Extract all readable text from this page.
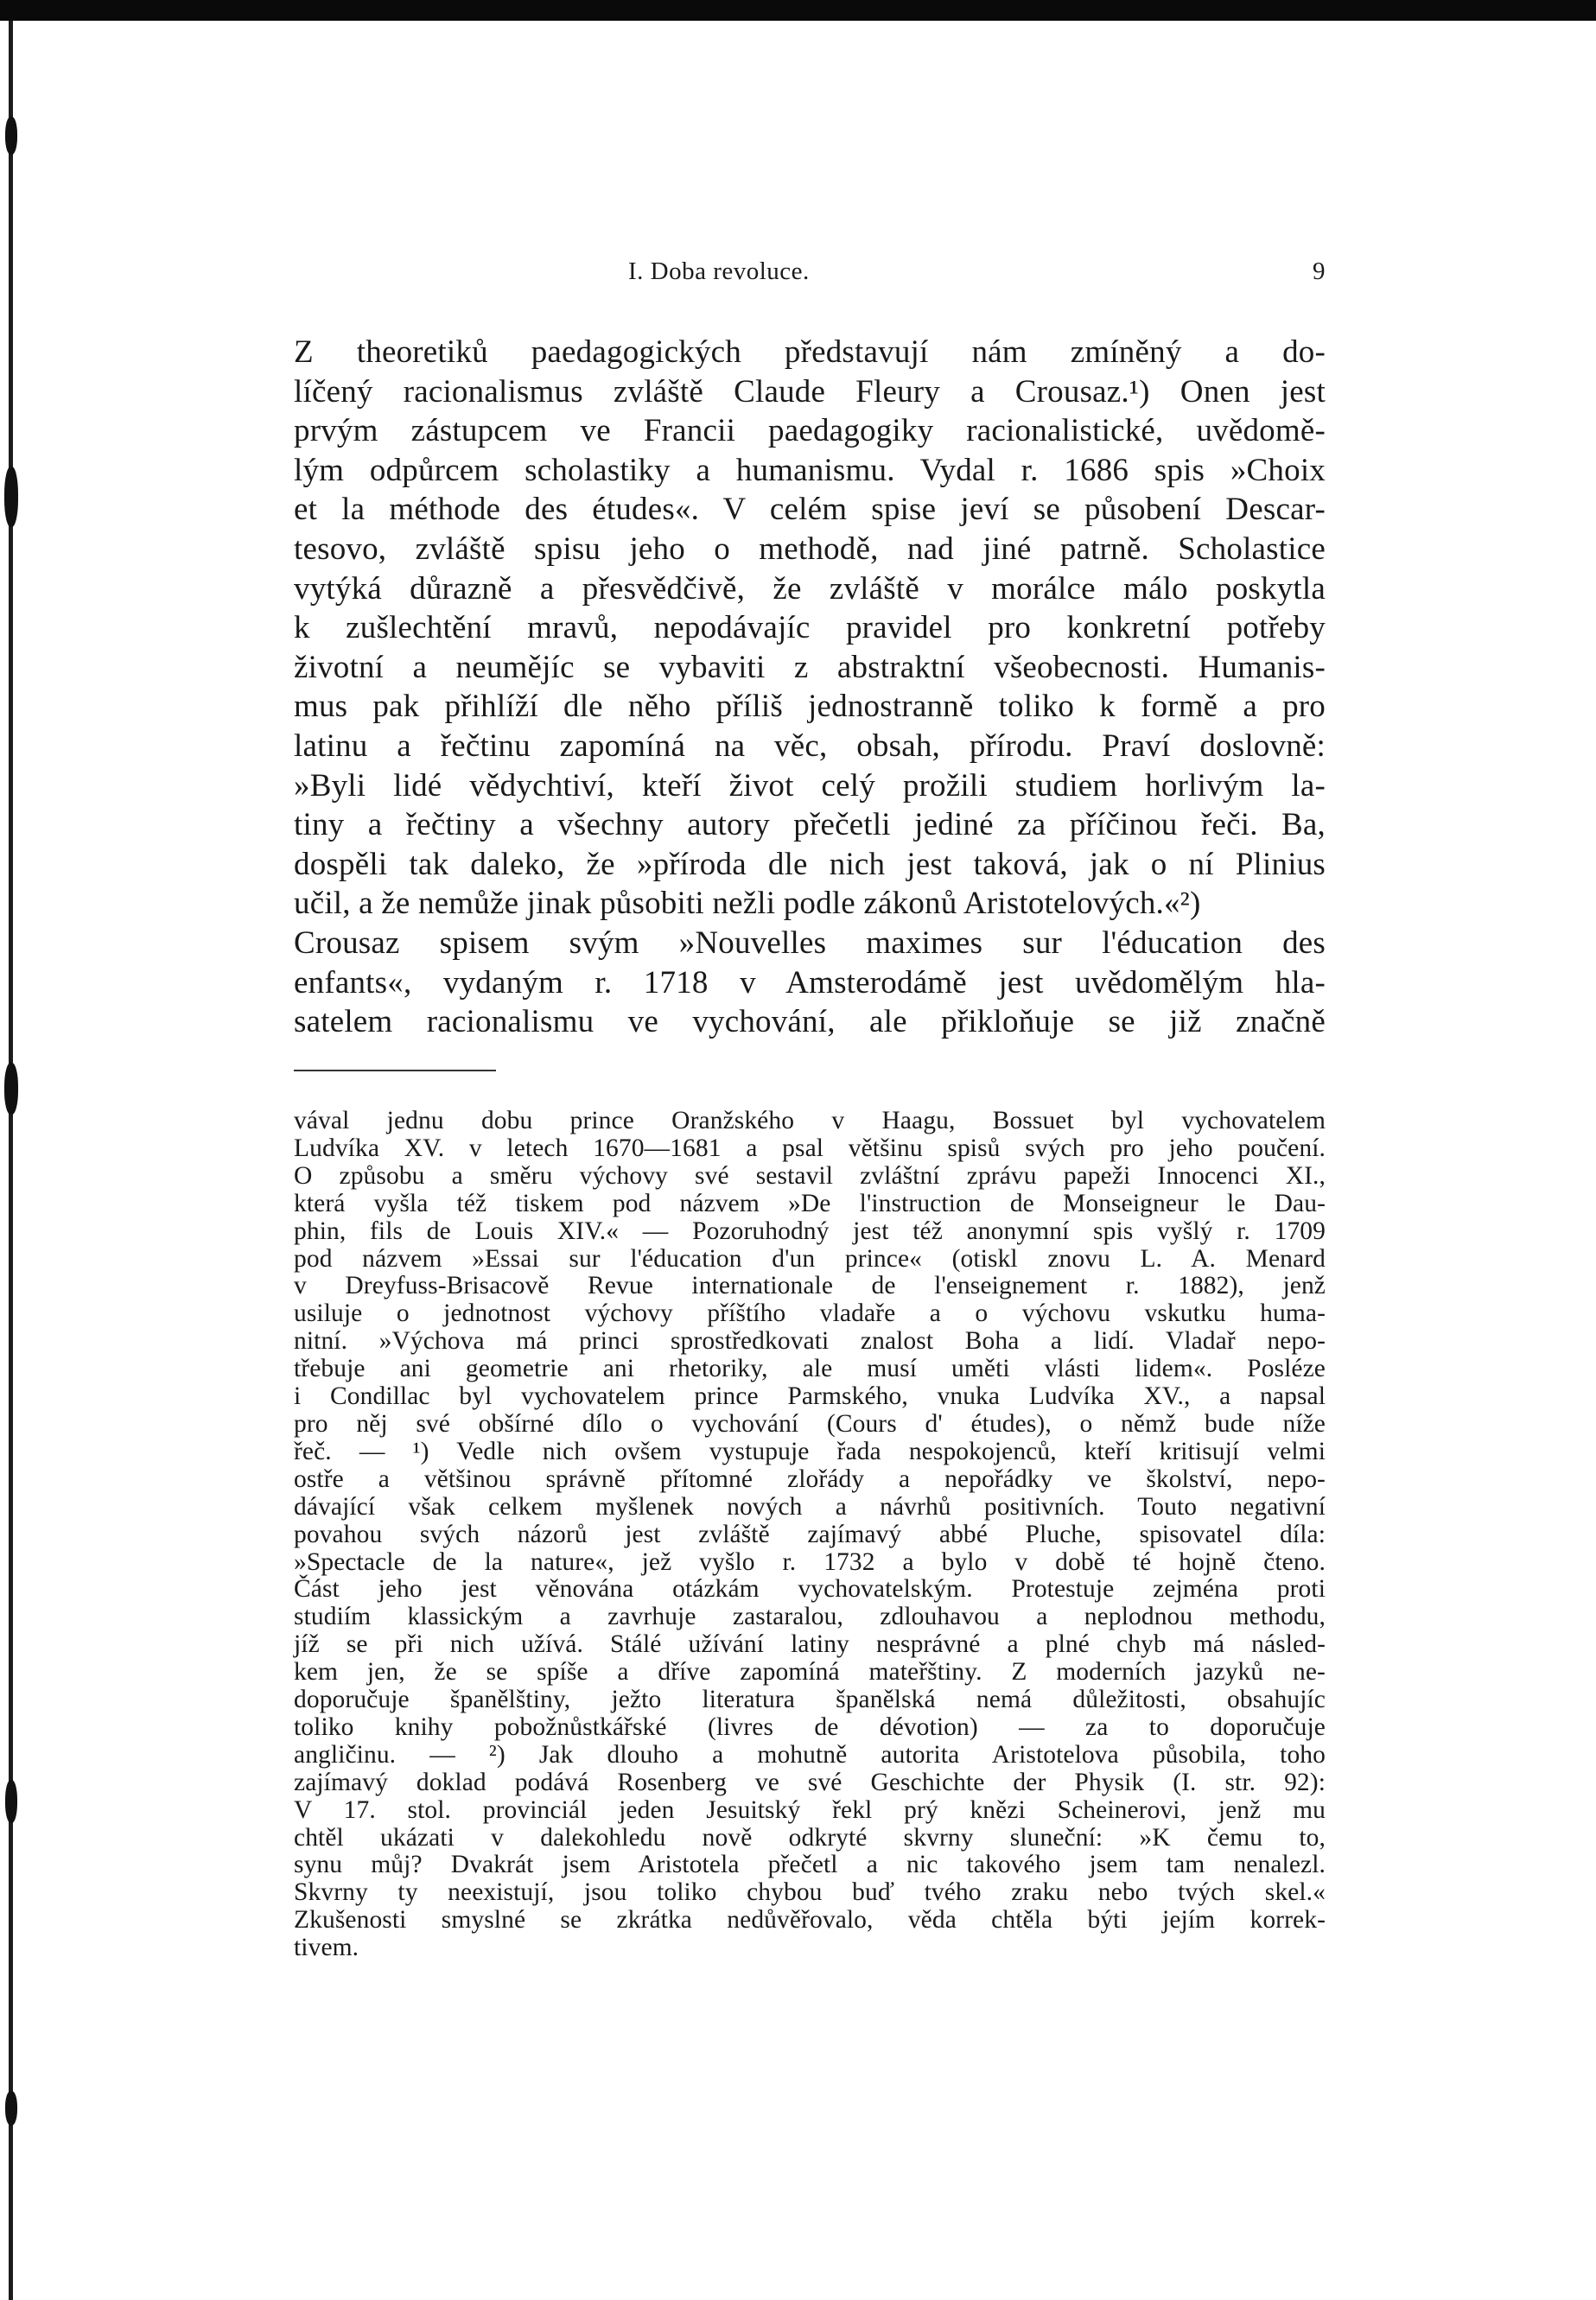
I. Doba revoluce.	9
Z theoretiků paedagogických představují nám zmíněný a do-
líčený racionalismus zvláště Claude Fleury a Crousaz.¹) Onen jest
prvým zástupcem ve Francii paedagogiky racionalistické, uvědomě-
lým odpůrcem scholastiky a humanismu. Vydal r. 1686 spis »Choix
et la méthode des études«. V celém spise jeví se působení Descar-
tesovo, zvláště spisu jeho o methodě, nad jiné patrně. Scholastice
vytýká důrazně a přesvědčivě, že zvláště v morálce málo poskytla
k zušlechtění mravů, nepodávajíc pravidel pro konkretní potřeby
životní a neumějíc se vybaviti z abstraktní všeobecnosti. Humanis-
mus pak přihlíží dle něho příliš jednostranně toliko k formě a pro
latinu a řečtinu zapomíná na věc, obsah, přírodu. Praví doslovně:
»Byli lidé vědychtiví, kteří život celý prožili studiem horlivým la-
tiny a řečtiny a všechny autory přečetli jediné za příčinou řeči. Ba,
dospěli tak daleko, že »příroda dle nich jest taková, jak o ní Plinius
učil, a že nemůže jinak působiti nežli podle zákonů Aristotelových.«²)
Crousaz spisem svým »Nouvelles maximes sur l'éducation des
enfants«, vydaným r. 1718 v Amsterodámě jest uvědomělým hla-
satelem racionalismu ve vychování, ale přikloňuje se již značně
vával jednu dobu prince Oranžského v Haagu, Bossuet byl vychovatelem
Ludvíka XV. v letech 1670—1681 a psal většinu spisů svých pro jeho poučení.
O způsobu a směru výchovy své sestavil zvláštní zprávu papeži Innocenci XI.,
která vyšla též tiskem pod názvem »De l'instruction de Monseigneur le Dau-
phin, fils de Louis XIV.« — Pozoruhodný jest též anonymní spis vyšlý r. 1709
pod názvem »Essai sur l'éducation d'un prince« (otiskl znovu L. A. Menard
v Dreyfuss-Brisacově Revue internationale de l'enseignement r. 1882), jenž
usiluje o jednotnost výchovy příštího vladaře a o výchovu vskutku huma-
nitní. »Výchova má princi sprostředkovati znalost Boha a lidí. Vladař nepo-
třebuje ani geometrie ani rhetoriky, ale musí uměti vlásti lidem«. Posléze
i Condillac byl vychovatelem prince Parmského, vnuka Ludvíka XV., a napsal
pro něj své obšírné dílo o vychování (Cours d' études), o němž bude níže
řeč. — ¹) Vedle nich ovšem vystupuje řada nespokojenců, kteří kritisují velmi
ostře a většinou správně přítomné zlořády a nepořádky ve školství, nepo-
dávající však celkem myšlenek nových a návrhů positivních. Touto negativní
povahou svých názorů jest zvláště zajímavý abbé Pluche, spisovatel díla:
»Spectacle de la nature«, jež vyšlo r. 1732 a bylo v době té hojně čteno.
Část jeho jest věnována otázkám vychovatelským. Protestuje zejména proti
studiím klassickým a zavrhuje zastaralou, zdlouhavou a neplodnou methodu,
jíž se při nich užívá. Stálé užívání latiny nesprávné a plné chyb má násled-
kem jen, že se spíše a dříve zapomíná mateřštiny. Z moderních jazyků ne-
doporučuje španělštiny, ježto literatura španělská nemá důležitosti, obsahujíc
toliko knihy pobožnůstkářské (livres de dévotion) — za to doporučuje
angličinu. — ²) Jak dlouho a mohutně autorita Aristotelova působila, toho
zajímavý doklad podává Rosenberg ve své Geschichte der Physik (I. str. 92):
V 17. stol. provinciál jeden Jesuitský řekl prý knězi Scheinerovi, jenž mu
chtěl ukázati v dalekohledu nově odkryté skvrny sluneční: »K čemu to,
synu můj? Dvakrát jsem Aristotela přečetl a nic takového jsem tam nenalezl.
Skvrny ty neexistují, jsou toliko chybou buď tvého zraku nebo tvých skel.«
Zkušenosti smyslné se zkrátka nedůvěřovalo, věda chtěla býti jejím korrek-
tivem.
